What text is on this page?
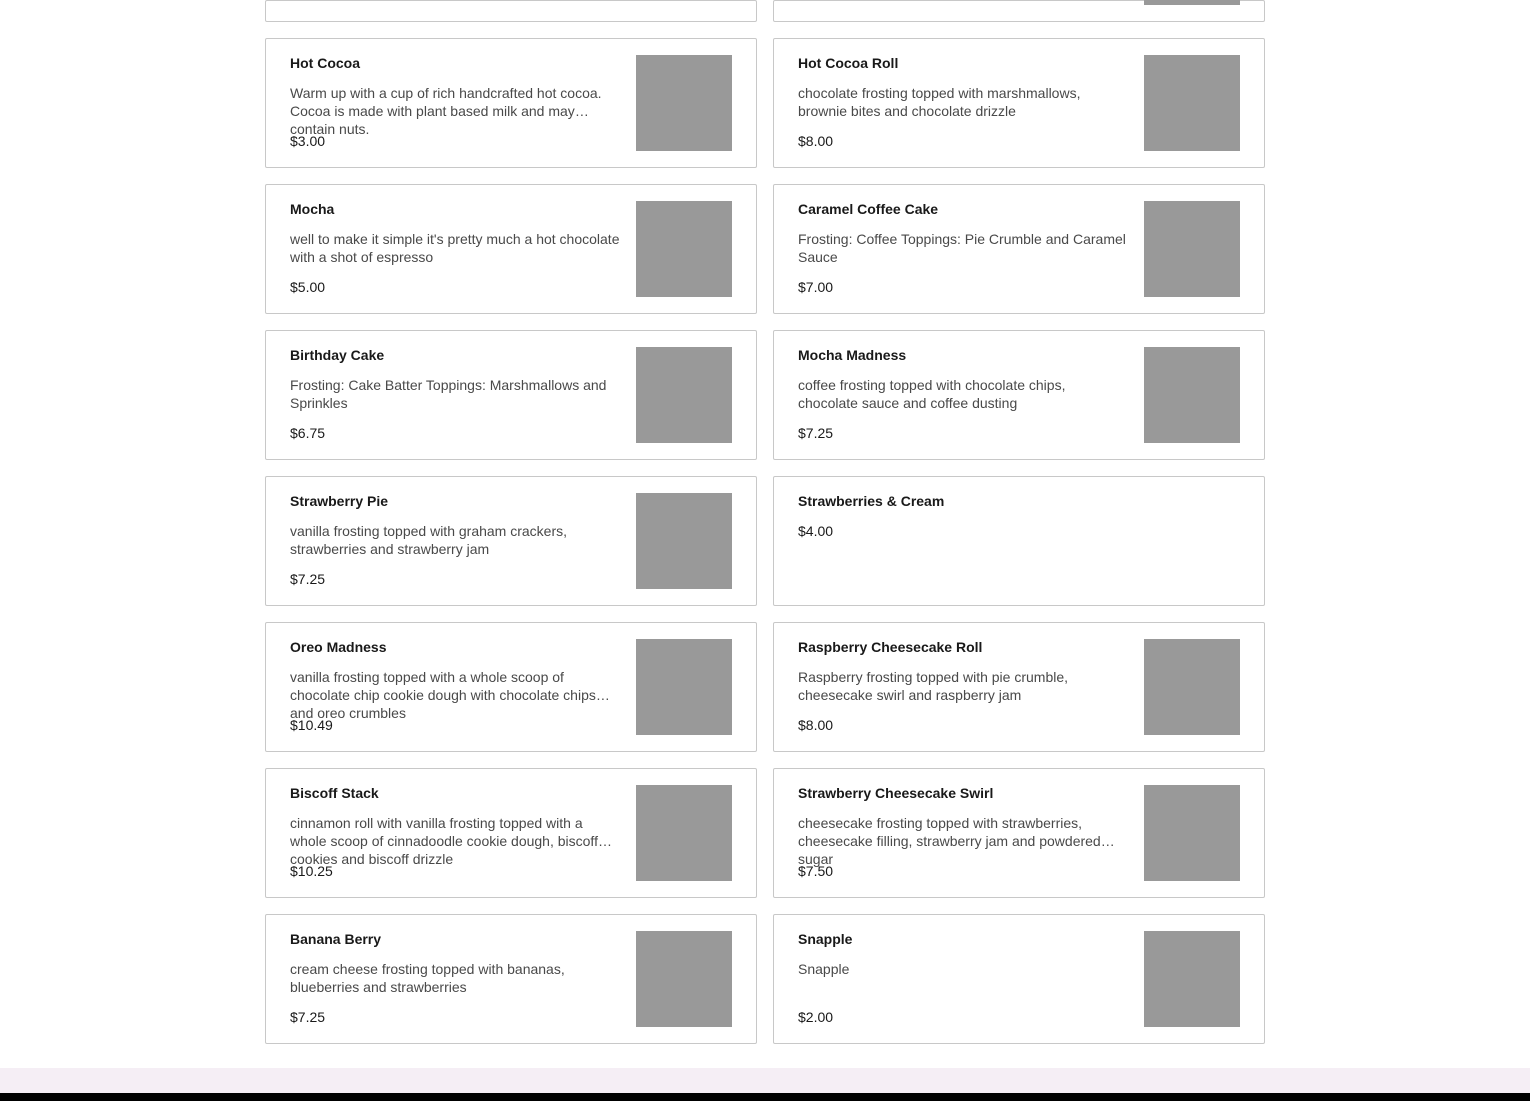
Hot Cocoa
Warm up with a cup of rich handcrafted hot cocoa. Cocoa is made with plant based milk and may contain nuts.
$3.00
Hot Cocoa Roll
chocolate frosting topped with marshmallows, brownie bites and chocolate drizzle
$8.00
Mocha
well to make it simple it's pretty much a hot chocolate with a shot of espresso
$5.00
Caramel Coffee Cake
Frosting: Coffee Toppings: Pie Crumble and Caramel Sauce
$7.00
Birthday Cake
Frosting: Cake Batter Toppings: Marshmallows and Sprinkles
$6.75
Mocha Madness
coffee frosting topped with chocolate chips, chocolate sauce and coffee dusting
$7.25
Strawberry Pie
vanilla frosting topped with graham crackers, strawberries and strawberry jam
$7.25
Strawberries & Cream
$4.00
Oreo Madness
vanilla frosting topped with a whole scoop of chocolate chip cookie dough with chocolate chips and oreo crumbles
$10.49
Raspberry Cheesecake Roll
Raspberry frosting topped with pie crumble, cheesecake swirl and raspberry jam
$8.00
Biscoff Stack
cinnamon roll with vanilla frosting topped with a whole scoop of cinnadoodle cookie dough, biscoff cookies and biscoff drizzle
$10.25
Strawberry Cheesecake Swirl
cheesecake frosting topped with strawberries, cheesecake filling, strawberry jam and powdered sugar
$7.50
Banana Berry
cream cheese frosting topped with bananas, blueberries and strawberries
$7.25
Snapple
Snapple
$2.00
